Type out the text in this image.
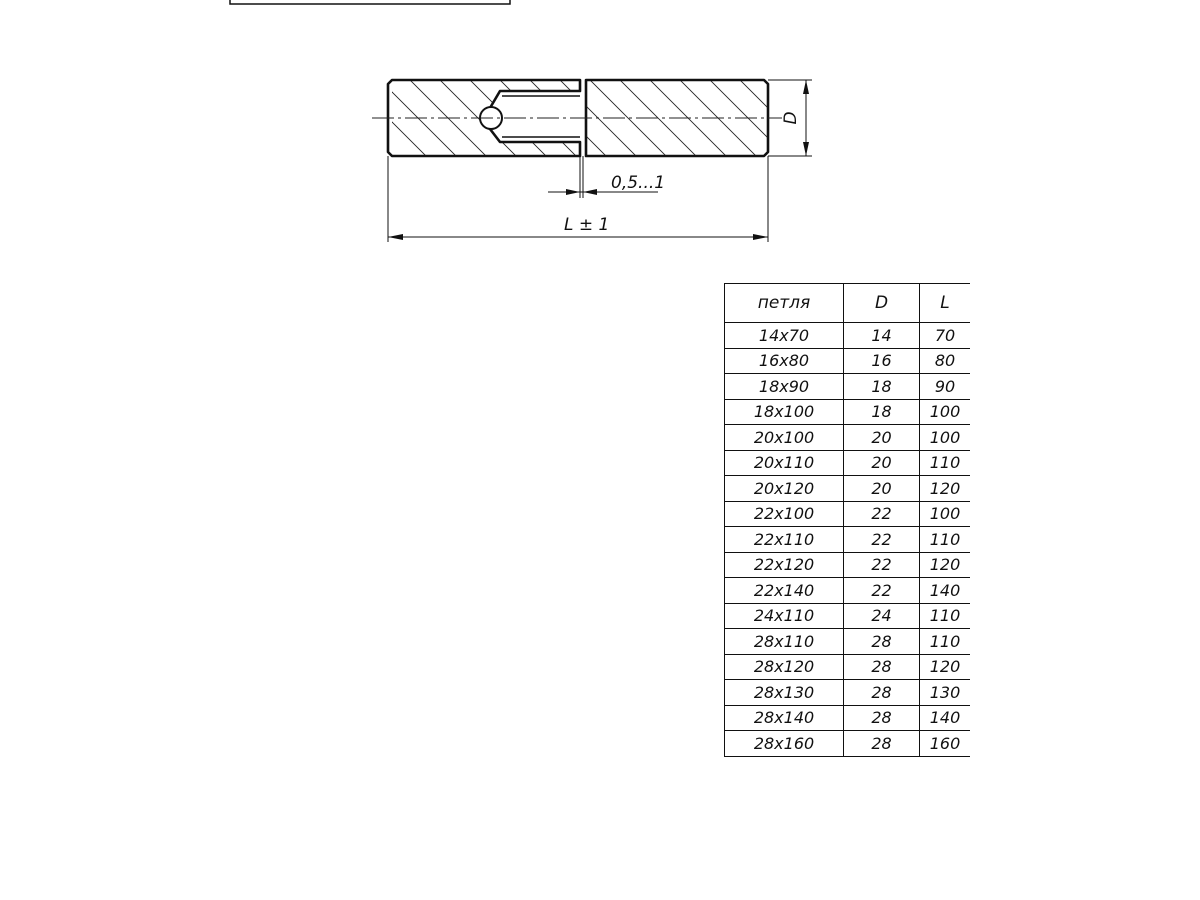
D
0,5...1
L ± 1
петля	D	L
14x70	14	70
16x80	16	80
18x90	18	90
18x100	18	100
20x100	20	100
20x110	20	110
20x120	20	120
22x100	22	100
22x110	22	110
22x120	22	120
22x140	22	140
24x110	24	110
28x110	28	110
28x120	28	120
28x130	28	130
28x140	28	140
28x160	28	160
